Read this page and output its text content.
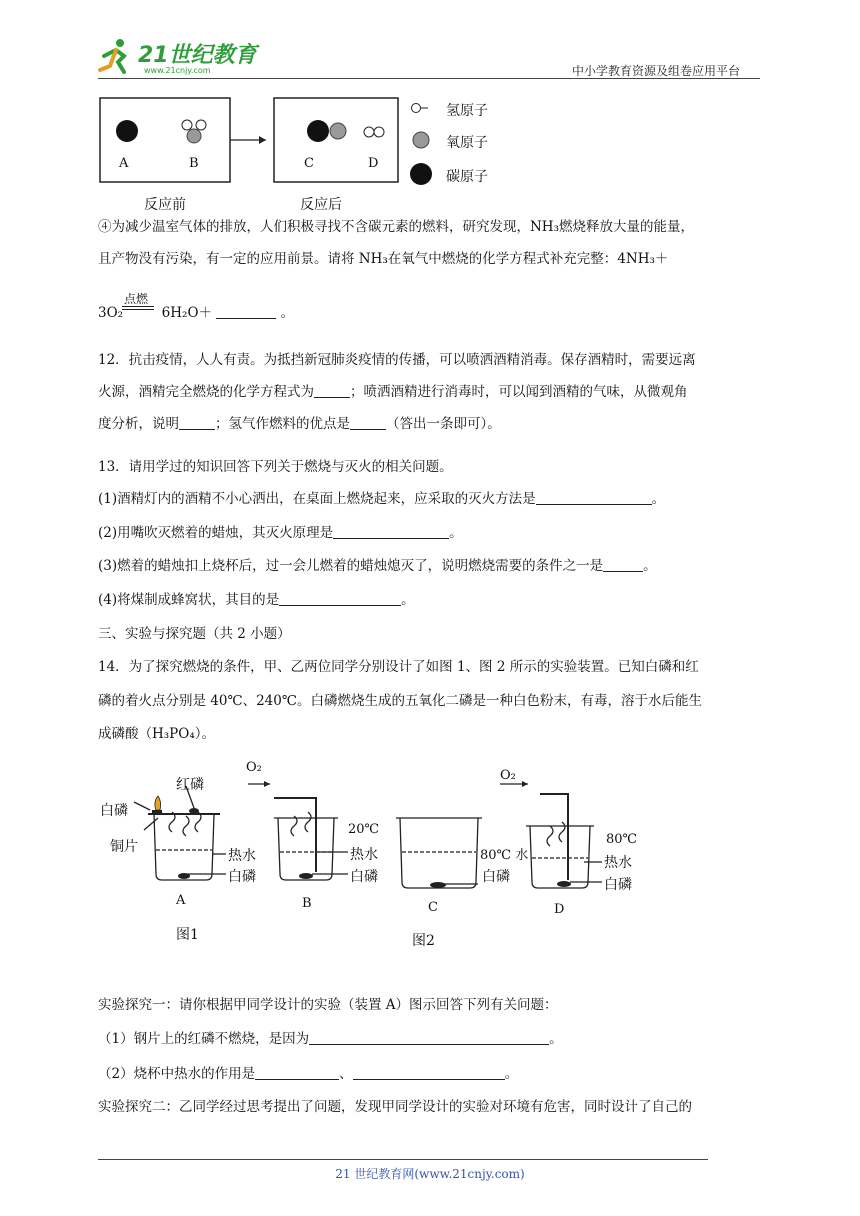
21世纪教育
www.21cnjy.com	中小学教育资源及组卷应用平台
A	B	C	D
反应前	反应后
氢原子
氧原子
碳原子
④为减少温室气体的排放，人们积极寻找不含碳元素的燃料，研究发现，NH₃燃烧释放大量的能量，
且产物没有污染，有一定的应用前景。请将 NH₃在氧气中燃烧的化学方程式补充完整：4NH₃＋
点燃
3O₂	6H₂O＋	。
12．抗击疫情，人人有责。为抵挡新冠肺炎疫情的传播，可以喷洒酒精消毒。保存酒精时，需要远离
火源，酒精完全燃烧的化学方程式为	；喷洒酒精进行消毒时，可以闻到酒精的气味，从微观角
度分析，说明	；氢气作燃料的优点是	（答出一条即可）。
13．请用学过的知识回答下列关于燃烧与灭火的相关问题。
(1)酒精灯内的酒精不小心洒出，在桌面上燃烧起来，应采取的灭火方法是	。
(2)用嘴吹灭燃着的蜡烛，其灭火原理是	。
(3)燃着的蜡烛扣上烧杯后，过一会儿燃着的蜡烛熄灭了，说明燃烧需要的条件之一是	。
(4)将煤制成蜂窝状，其目的是	。
三、实验与探究题（共 2 小题）
14．为了探究燃烧的条件，甲、乙两位同学分别设计了如图 1、图 2 所示的实验装置。已知白磷和红
磷的着火点分别是 40℃、240℃。白磷燃烧生成的五氧化二磷是一种白色粉末，有毒，溶于水后能生
成磷酸（H₃PO₄）。
红磷
白磷
铜片
热水
白磷
O₂
20℃
热水
白磷
80℃ 水
白磷
O₂
80℃
热水
白磷
A	B	C	D
图1	图2
实验探究一：请你根据甲同学设计的实验（装置 A）图示回答下列有关问题：
（1）钢片上的红磷不燃烧，是因为	。
（2）烧杯中热水的作用是	、	。
实验探究二：乙同学经过思考提出了问题，发现甲同学设计的实验对环境有危害，同时设计了自己的
21 世纪教育网(www.21cnjy.com)
